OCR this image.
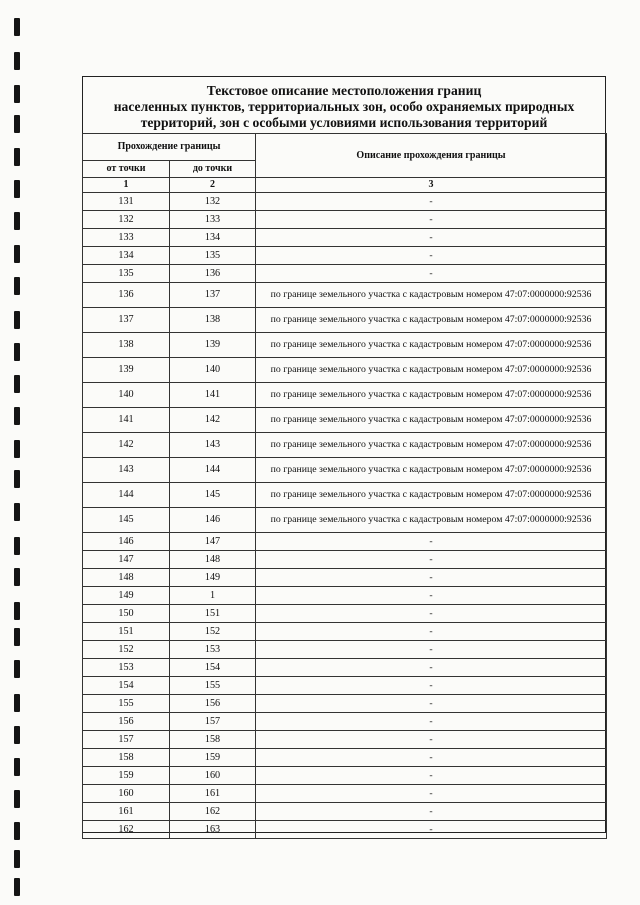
Текстовое описание местоположения границ
населенных пунктов, территориальных зон, особо охраняемых природных
территорий, зон с особыми условиями использования территорий
Прохождение границы		Описание прохождения границы
от точки	до точки	
1	2	3
131	132	-
132	133	-
133	134	-
134	135	-
135	136	-
136	137	по границе земельного участка с кадастровым номером 47:07:0000000:92536
137	138	по границе земельного участка с кадастровым номером 47:07:0000000:92536
138	139	по границе земельного участка с кадастровым номером 47:07:0000000:92536
139	140	по границе земельного участка с кадастровым номером 47:07:0000000:92536
140	141	по границе земельного участка с кадастровым номером 47:07:0000000:92536
141	142	по границе земельного участка с кадастровым номером 47:07:0000000:92536
142	143	по границе земельного участка с кадастровым номером 47:07:0000000:92536
143	144	по границе земельного участка с кадастровым номером 47:07:0000000:92536
144	145	по границе земельного участка с кадастровым номером 47:07:0000000:92536
145	146	по границе земельного участка с кадастровым номером 47:07:0000000:92536
146	147	-
147	148	-
148	149	-
149	1	-
150	151	-
151	152	-
152	153	-
153	154	-
154	155	-
155	156	-
156	157	-
157	158	-
158	159	-
159	160	-
160	161	-
161	162	-
162	163	-
